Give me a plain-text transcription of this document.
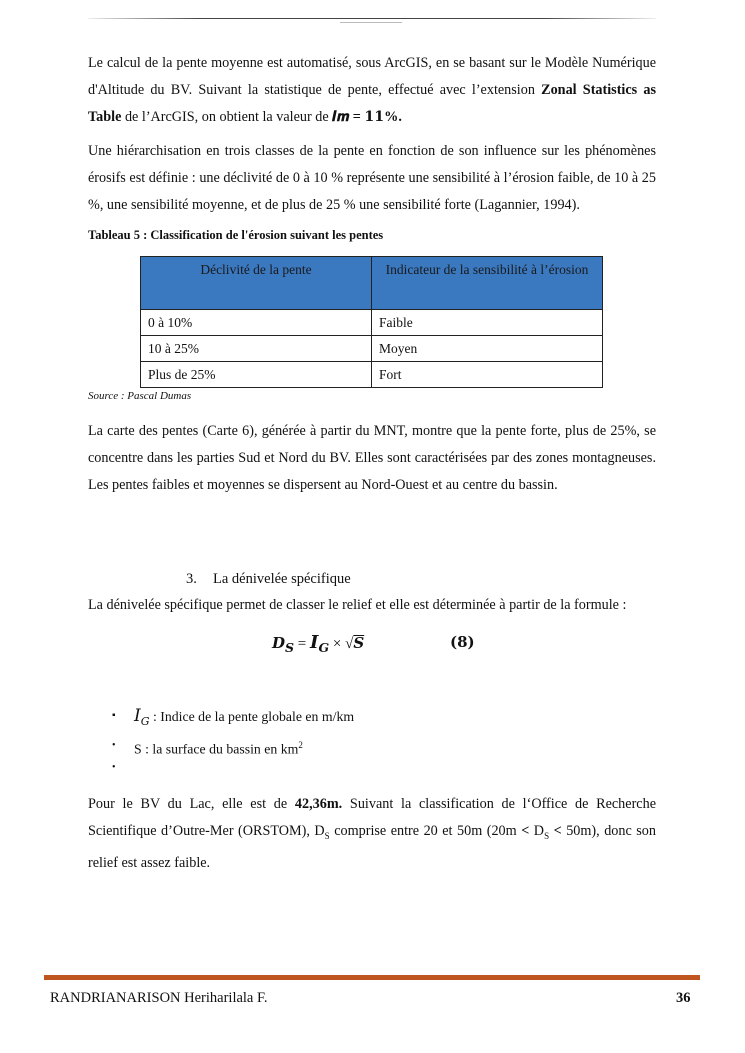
Le calcul de la pente moyenne est automatisé, sous ArcGIS, en se basant sur le Modèle Numérique d'Altitude du BV. Suivant la statistique de pente, effectué avec l’extension Zonal Statistics as Table de l’ArcGIS, on obtient la valeur de 𝑰𝒎 = 𝟏𝟏%.

Une hiérarchisation en trois classes de la pente en fonction de son influence sur les phénomènes érosifs est définie : une déclivité de 0 à 10 % représente une sensibilité à l’érosion faible, de 10 à 25 %, une sensibilité moyenne, et de plus de 25 % une sensibilité forte (Lagannier, 1994).

Tableau 5 : Classification de l'érosion suivant les pentes

Déclivité de la pente	Indicateur de la sensibilité à l’érosion
0 à 10%	Faible
10 à 25%	Moyen
Plus de 25%	Fort

Source : Pascal Dumas

La carte des pentes (Carte 6), générée à partir du MNT, montre que la pente forte, plus de 25%, se concentre dans les parties Sud et Nord du BV. Elles sont caractérisées par des zones montagneuses. Les pentes faibles et moyennes se dispersent au Nord-Ouest et au centre du bassin.

3. La dénivelée spécifique

La dénivelée spécifique permet de classer le relief et elle est déterminée à partir de la formule :

𝑫$_𝑺$ = 𝑰$_𝑮$ × √𝑺	(𝟖)
▪ 𝐼$_𝐺$ : Indice de la pente globale en m/km
• S : la surface du bassin en $km^2$
•

Pour le BV du Lac, elle est de 42,36m. Suivant la classification de l‘Office de Recherche Scientifique d’Outre-Mer (ORSTOM), $D_S$ comprise entre 20 et 50m $(20m < D_S < 50m)$, donc son relief est assez faible.

RANDRIANARISON Heriharilala F.	36
